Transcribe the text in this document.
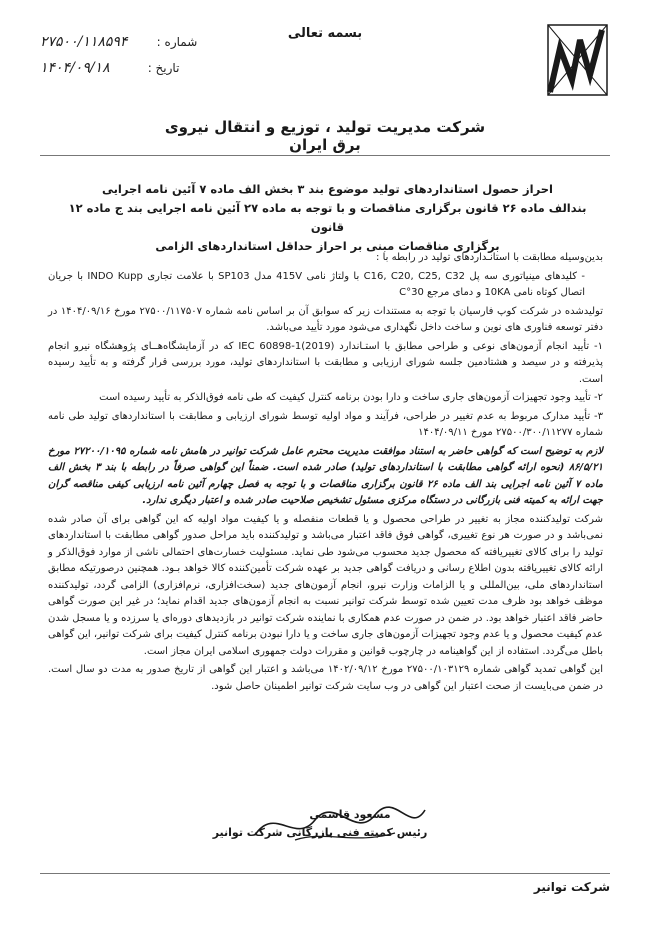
بسمه تعالی
شماره : ۲۷۵۰۰/۱۱۸۵۹۴
تاریخ : ۱۴۰۴/۰۹/۱۸
شرکت مدیریت تولید ، توزیع و انتقال نیروی برق ایران
احراز حصول استانداردهای تولید موضوع بند ۳ بخش الف ماده ۷ آئین نامه اجرایی
بندالف ماده ۲۶ قانون برگزاری مناقصات و با توجه به ماده ۲۷ آئین نامه اجرایی بند ج ماده ۱۲ قانون
برگزاری مناقصات مبنی بر احراز حداقل استانداردهای الزامی

بدین‌وسیله مطابقت با استانـداردهای تولید در رابطه با :

- کلیدهای مینیاتوری سه پل C16, C20, C25, C32 با ولتاژ نامی 415V مدل SP103 با علامت تجاری INDO Kupp با جریان اتصال کوتاه نامی 10KA و دمای مرجع 30°C

تولیدشده در شرکت کوپ فارسیان با توجه به مستندات زیر که سوابق آن بر اساس نامه شماره ۲۷۵۰۰/۱۱۷۵۰۷ مورخ ۱۴۰۴/۰۹/۱۶ در دفتر توسعه فناوری های نوین و ساخت داخل نگهداری می‌شود مورد تأیید می‌باشد.

۱- تأیید انجام آزمون‌های نوعی و طراحی مطابق با استـاندارد IEC 60898-1(2019) که در آزمایشگاه‌هــای پژوهشگاه نیرو انجام پذیرفته و در سیصد و هشتادمین جلسه شورای ارزیابی و مطابقت با استانداردهای تولید، مورد بررسی قرار گرفته و به تأیید رسیده است.

۲- تأیید وجود تجهیزات آزمون‌های جاری ساخت و دارا بودن برنامه کنترل کیفیت که طی نامه فوق‌الذکر به تأیید رسیده است

۳- تأیید مدارک مربوط به عدم تغییر در طراحی، فرآیند و مواد اولیه توسط شورای ارزیابی و مطابقت با استانداردهای تولید طی نامه شماره ۲۷۵۰۰/۳۰۰/۱۱۲۷۷ مورخ ۱۴۰۴/۰۹/۱۱

لازم به توضیح است که گواهی حاضر به استناد موافقت مدیریت محترم عامل شرکت توانیر در هامش نامه شماره ۲۷۲۰۰/۱۰۹۵ مورخ ۸۶/۵/۲۱ (نحوه ارائه گواهی مطابقت با استانداردهای تولید) صادر شده است. ضمناً این گواهی صرفاً در رابطه با بند ۳ بخش الف ماده ۷ آئین نامه اجرایی بند الف ماده ۲۶ قانون برگزاری مناقصات و با توجه به فصل چهارم آئین نامه ارزیابی کیفی مناقصه گران جهت ارائه به کمیته فنی بازرگانی در دستگاه مرکزی مسئول تشخیص صلاحیت صادر شده و اعتبار دیگری ندارد.

شرکت تولیدکننده مجاز به تغییر در طراحی محصول و یا قطعات منفصله و یا کیفیت مواد اولیه که این گواهی برای آن صادر شده نمی‌باشد و در صورت هر نوع تغییری، گواهی فوق فاقد اعتبار می‌باشد و تولیدکننده باید مراحل صدور گواهی مطابقت با استانداردهای تولید را برای کالای تغییریافته که محصول جدید محسوب می‌شود طی نماید. مسئولیت خسارت‌های احتمالی ناشی از موارد فوق‌الذکر و ارائه کالای تغییریافته بدون اطلاع رسانی و دریافت گواهی جدید بر عهده شرکت تأمین‌کننده کالا خواهد بـود. همچنین درصورتیکه مطابق استانداردهای ملی، بین‌المللی و یا الزامات وزارت نیرو، انجام آزمون‌های جدید (سخت‌افزاری، نرم‌افزاری) الزامی گردد، تولیدکننده موظف خواهد بود ظرف مدت تعیین شده توسط شرکت توانیر نسبت به انجام آزمون‌های جدید اقدام نماید؛ در غیر این صورت گواهی حاضر فاقد اعتبار خواهد بود. در ضمن در صورت عدم همکاری با نماینده شرکت توانیر در بازدیدهای دوره‌ای یا سرزده و یا مسجل شدن عدم کیفیت محصول و یا عدم وجود تجهیزات آزمون‌های جاری ساخت و یا دارا نبودن برنامه کنترل کیفیت برای شرکت توانیر، این گواهی باطل می‌گردد. استفاده از این گواهینامه در چارچوب قوانین و مقررات دولت جمهوری اسلامی ایران مجاز است.

این گواهی تمدید گواهی شماره ۲۷۵۰۰/۱۰۳۱۲۹ مورخ ۱۴۰۲/۰۹/۱۲ می‌باشد و اعتبار این گواهی از تاریخ صدور به مدت دو سال است. در ضمن می‌بایست از صحت اعتبار این گواهی در وب سایت شرکت توانیر اطمینان حاصل شود.

مسعود قاسمی
رئیس کمیته فنی بازرگانی شرکت توانیر
شرکت توانیر
